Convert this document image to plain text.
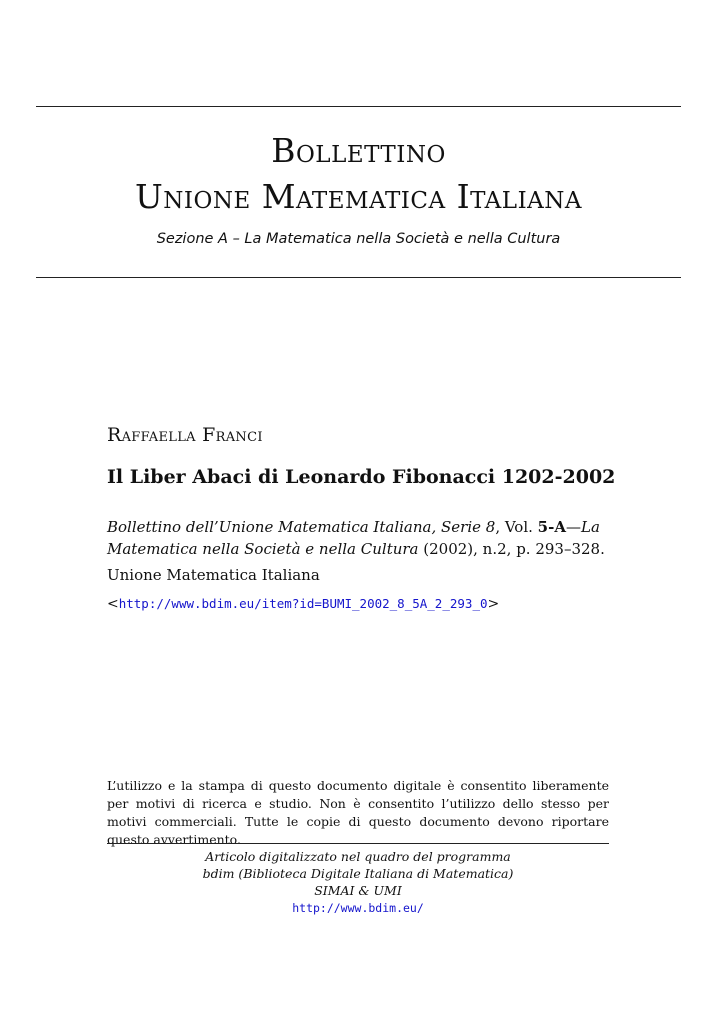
Bollettino
Unione Matematica Italiana
Sezione A – La Matematica nella Società e nella Cultura
Raffaella Franci
Il Liber Abaci di Leonardo Fibonacci 1202-2002
Bollettino dell’Unione Matematica Italiana, Serie 8, Vol. 5-A—La Matematica nella Società e nella Cultura (2002), n.2, p. 293–328.
Unione Matematica Italiana
<http://www.bdim.eu/item?id=BUMI_2002_8_5A_2_293_0>
L’utilizzo e la stampa di questo documento digitale è consentito liberamente per motivi di ricerca e studio. Non è consentito l’utilizzo dello stesso per motivi commerciali. Tutte le copie di questo documento devono riportare questo avvertimento.
Articolo digitalizzato nel quadro del programma
bdim (Biblioteca Digitale Italiana di Matematica)
SIMAI & UMI
http://www.bdim.eu/
